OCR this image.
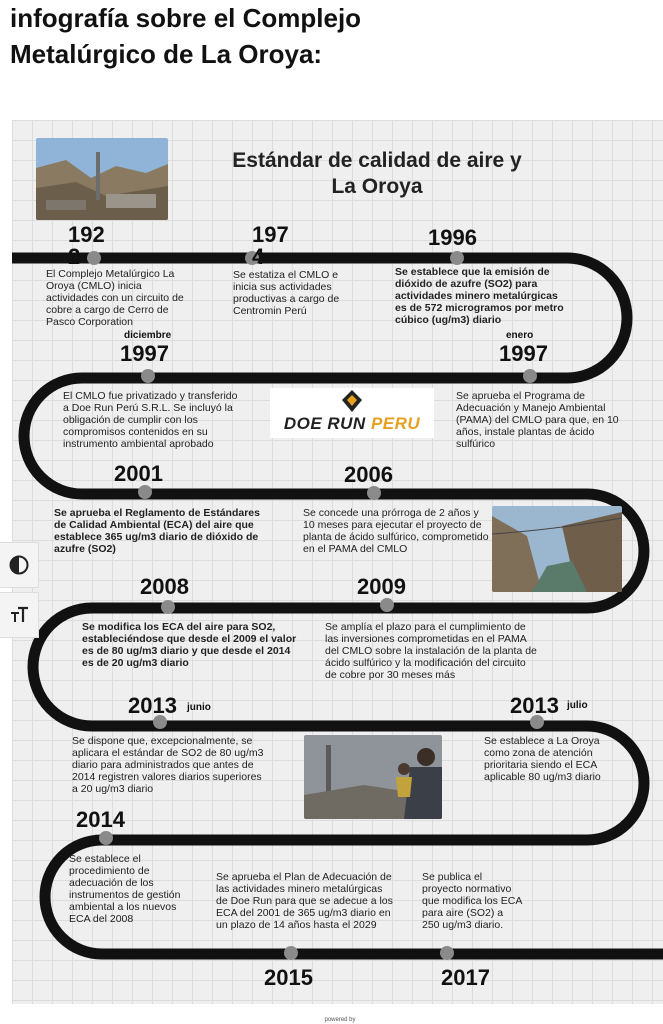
infografía sobre el Complejo Metalúrgico de La Oroya:
Estándar de calidad de aire y La Oroya
192 2
El Complejo Metalúrgico La Oroya (CMLO) inicia actividades con un circuito de cobre a cargo de Cerro de Pasco Corporation
197 4
Se estatiza el CMLO e inicia sus actividades productivas a cargo de Centromin Perú
1996
Se establece que la emisión de dióxido de azufre (SO2) para actividades minero metalúrgicas es de 572 microgramos por metro cúbico (ug/m3) diario
diciembre
1997
El CMLO fue privatizado y transferido a Doe Run Perú S.R.L. Se incluyó la obligación de cumplir con los compromisos contenidos en su instrumento ambiental aprobado
DOE RUN PERU
enero
1997
Se aprueba el Programa de Adecuación y Manejo Ambiental (PAMA) del CMLO para que, en 10 años, instale plantas de ácido sulfúrico
2001
Se aprueba el Reglamento de Estándares de Calidad Ambiental (ECA) del aire que establece 365 ug/m3 diario de dióxido de azufre (SO2)
2006
Se concede una prórroga de 2 años y 10 meses para ejecutar el proyecto de planta de ácido sulfúrico, comprometido en el PAMA del CMLO
2008
Se modifica los ECA del aire para SO2, estableciéndose que desde el 2009 el valor es de 80 ug/m3 diario y que desde el 2014 es de 20 ug/m3 diario
2009
Se amplía el plazo para el cumplimiento de las inversiones comprometidas en el PAMA del CMLO sobre la instalación de la planta de ácido sulfúrico y la modificación del circuito de cobre por 30 meses más
2013 junio
Se dispone que, excepcionalmente, se aplicara el estándar de SO2 de 80 ug/m3 diario para administrados que antes de 2014 registren valores diarios superiores a 20 ug/m3 diario
2013 julio
Se establece a La Oroya como zona de atención prioritaria siendo el ECA aplicable 80 ug/m3 diario
2014
Se establece el procedimiento de adecuación de los instrumentos de gestión ambiental a los nuevos ECA del 2008
Se aprueba el Plan de Adecuación de las actividades minero metalúrgicas de Doe Run para que se adecue a los ECA del 2001 de 365 ug/m3 diario en un plazo de 14 años hasta el 2029
2015
Se publica el proyecto normativo que modifica los ECA para aire (SO2) a 250 ug/m3 diario.
2017
powered by
